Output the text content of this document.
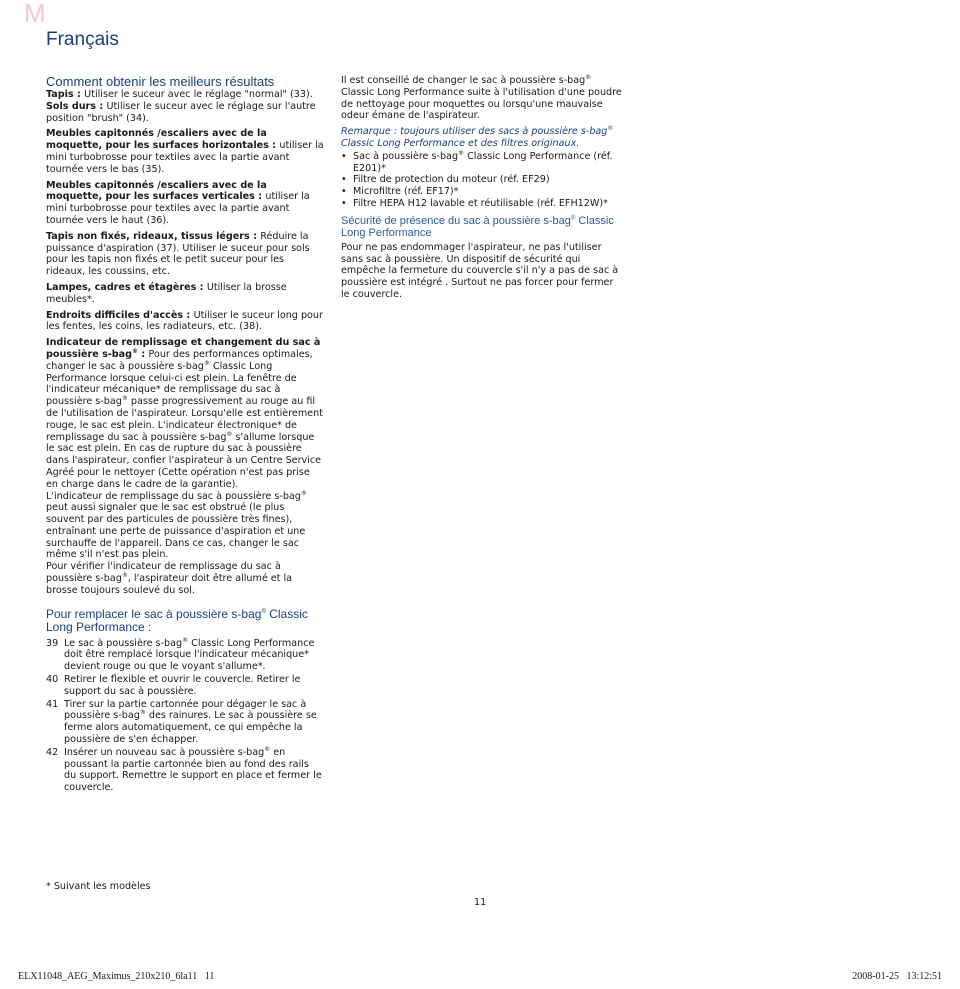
M
Français
Comment obtenir les meilleurs résultats

Tapis : Utiliser le suceur avec le réglage "normal" (33).
Sols durs : Utiliser le suceur avec le réglage sur l'autre position "brush" (34).

Meubles capitonnés /escaliers avec de la moquette, pour les surfaces horizontales : utiliser la mini turbobrosse pour textiles avec la partie avant tournée vers le bas (35).

Meubles capitonnés /escaliers avec de la moquette, pour les surfaces verticales : utiliser la mini turbobrosse pour textiles avec la partie avant tournée vers le haut (36).

Tapis non fixés, rideaux, tissus légers : Réduire la puissance d'aspiration (37). Utiliser le suceur pour sols pour les tapis non fixés et le petit suceur pour les rideaux, les coussins, etc.

Lampes, cadres et étagères : Utiliser la brosse meubles*.

Endroits difficiles d'accès : Utiliser le suceur long pour les fentes, les coins, les radiateurs, etc. (38).

Indicateur de remplissage et changement du sac à poussière s-bag® : Pour des performances optimales, changer le sac à poussière s-bag® Classic Long Performance lorsque celui-ci est plein. La fenêtre de l'indicateur mécanique* de remplissage du sac à poussière s-bag® passe progressivement au rouge au fil de l'utilisation de l'aspirateur. Lorsqu'elle est entièrement rouge, le sac est plein. L'indicateur électronique* de remplissage du sac à poussière s-bag® s'allume lorsque le sac est plein. En cas de rupture du sac à poussière dans l'aspirateur, confier l'aspirateur à un Centre Service Agréé pour le nettoyer (Cette opération n'est pas prise en charge dans le cadre de la garantie).

L'indicateur de remplissage du sac à poussière s-bag® peut aussi signaler que le sac est obstrué (le plus souvent par des particules de poussière très fines), entraînant une perte de puissance d'aspiration et une surchauffe de l'appareil. Dans ce cas, changer le sac même s'il n'est pas plein.

Pour vérifier l'indicateur de remplissage du sac à poussière s-bag®, l'aspirateur doit être allumé et la brosse toujours soulevé du sol.

Pour remplacer le sac à poussière s-bag® Classic Long Performance :
39 Le sac à poussière s-bag® Classic Long Performance doit être remplacé lorsque l'indicateur mécanique* devient rouge ou que le voyant s'allume*.
40 Retirer le flexible et ouvrir le couvercle. Retirer le support du sac à poussière.
41 Tirer sur la partie cartonnée pour dégager le sac à poussière s-bag® des rainures. Le sac à poussière se ferme alors automatiquement, ce qui empêche la poussière de s'en échapper.
42 Insérer un nouveau sac à poussière s-bag® en poussant la partie cartonnée bien au fond des rails du support. Remettre le support en place et fermer le couvercle.

Il est conseillé de changer le sac à poussière s-bag® Classic Long Performance suite à l'utilisation d'une poudre de nettoyage pour moquettes ou lorsqu'une mauvaise odeur émane de l'aspirateur.

Remarque : toujours utiliser des sacs à poussière s-bag® Classic Long Performance et des filtres originaux.

• Sac à poussière s-bag® Classic Long Performance (réf. E201)*
• Filtre de protection du moteur (réf. EF29)
• Microfiltre (réf. EF17)*
• Filtre HEPA H12 lavable et réutilisable (réf. EFH12W)*
Sécurité de présence du sac à poussière s-bag® Classic Long Performance

Pour ne pas endommager l'aspirateur, ne pas l'utiliser sans sac à poussière. Un dispositif de sécurité qui empêche la fermeture du couvercle s'il n'y a pas de sac à poussière est intégré . Surtout ne pas forcer pour fermer le couvercle.

* Suivant les modèles
11
ELX11048_AEG_Maximus_210x210_6la11   11	2008-01-25   13:12:51
